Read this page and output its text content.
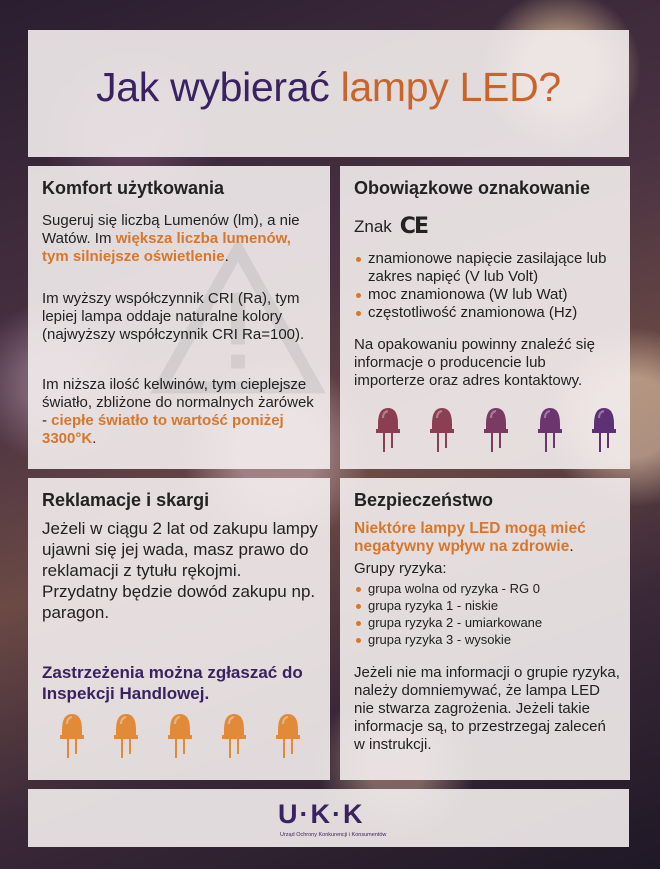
Jak wybierać lampy LED?
Komfort użytkowania
Sugeruj się liczbą Lumenów (lm), a nie Watów. Im większa liczba lumenów, tym silniejsze oświetlenie.
Im wyższy współczynnik CRI (Ra), tym lepiej lampa oddaje naturalne kolory (najwyższy współczynnik CRI Ra=100).
Im niższa ilość kelwinów, tym cieplejsze światło, zbliżone do normalnych żarówek - ciepłe światło to wartość poniżej 3300°K.
Obowiązkowe oznakowanie
Znak CE
znamionowe napięcie zasilające lub zakres napięć (V lub Volt)
moc znamionowa (W lub Wat)
częstotliwość znamionowa (Hz)
Na opakowaniu powinny znaleźć się informacje o producencie lub importerze oraz adres kontaktowy.
Reklamacje i skargi
Jeżeli w ciągu 2 lat od zakupu lampy ujawni się jej wada, masz prawo do reklamacji z tytułu rękojmi. Przydatny będzie dowód zakupu np. paragon.
Zastrzeżenia można zgłaszać do Inspekcji Handlowej.
Bezpieczeństwo
Niektóre lampy LED mogą mieć negatywny wpływ na zdrowie.
Grupy ryzyka:
grupa wolna od ryzyka - RG 0
grupa ryzyka 1 - niskie
grupa ryzyka 2 - umiarkowane
grupa ryzyka 3 - wysokie
Jeżeli nie ma informacji o grupie ryzyka, należy domniemywać, że lampa LED nie stwarza zagrożenia. Jeżeli takie informacje są, to przestrzegaj zaleceń w instrukcji.
U·K·K
Urząd Ochrony Konkurencji i Konsumentów
